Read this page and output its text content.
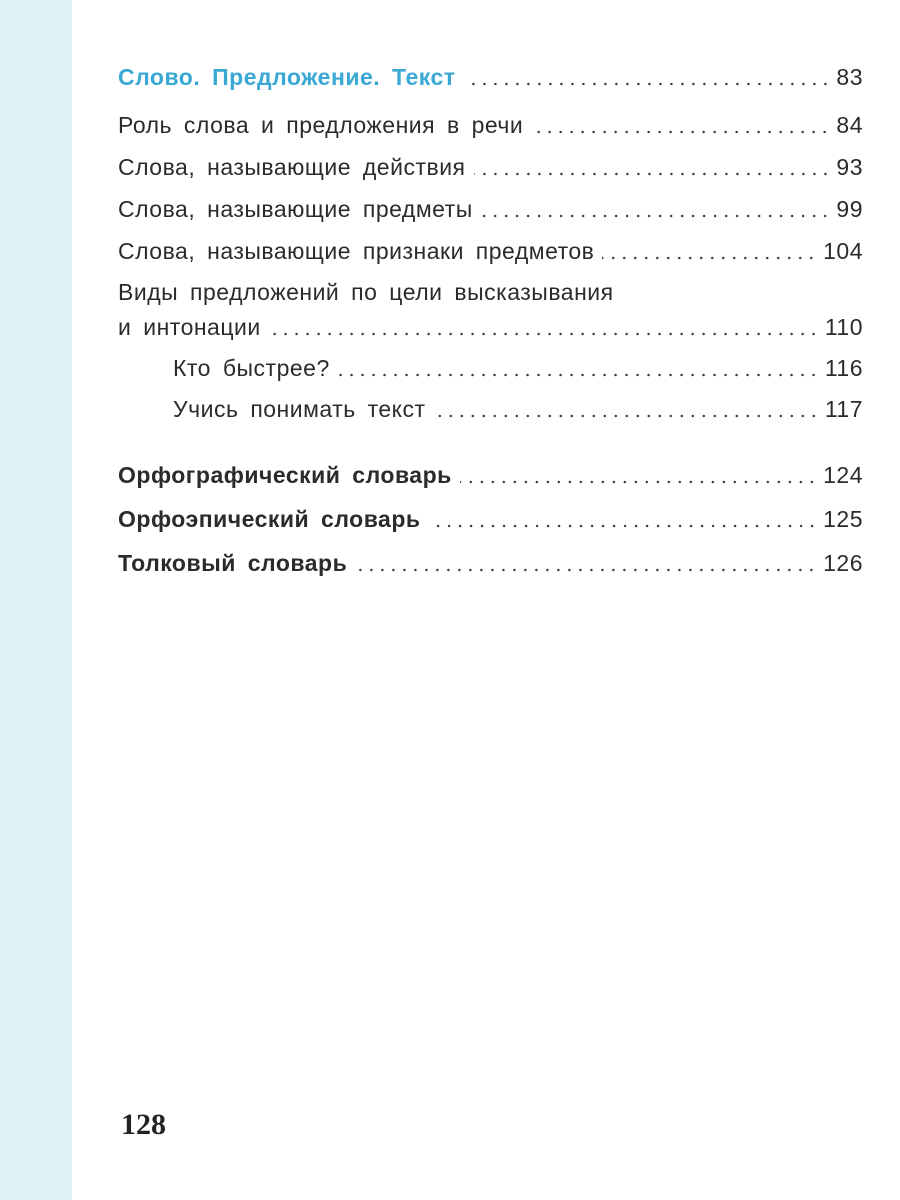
Слово. Предложение. Текст	83
Роль слова и предложения в речи	84
Слова, называющие действия	93
Слова, называющие предметы	99
Слова, называющие признаки предметов	104
Виды предложений по цели высказывания
и интонации	110
Кто быстрее?	116
Учись понимать текст	117
Орфографический словарь	124
Орфоэпический словарь	125
Толковый словарь	126
128
